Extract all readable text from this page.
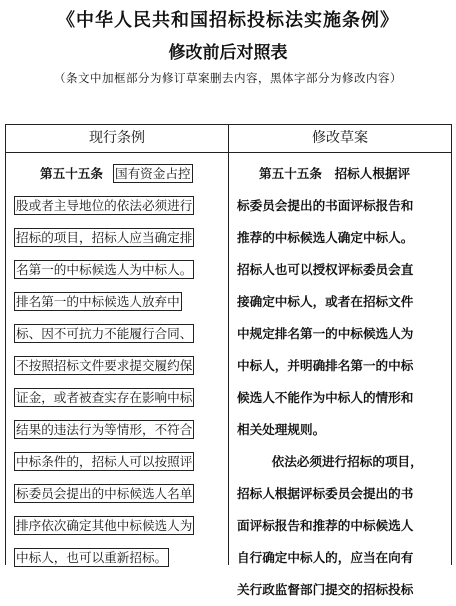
《中华人民共和国招标投标法实施条例》
修改前后对照表
（条文中加框部分为修订草案删去内容，黑体字部分为修改内容）
现行条例
第五十五条 国有资金占控
股或者主导地位的依法必须进行
招标的项目，招标人应当确定排
名第一的中标候选人为中标人。
排名第一的中标候选人放弃中
标、因不可抗力不能履行合同、
不按照招标文件要求提交履约保
证金，或者被查实存在影响中标
结果的违法行为等情形，不符合
中标条件的，招标人可以按照评
标委员会提出的中标候选人名单
排序依次确定其他中标候选人为
中标人，也可以重新招标。
修改草案
第五十五条　招标人根据评
标委员会提出的书面评标报告和
推荐的中标候选人确定中标人。
招标人也可以授权评标委员会直
接确定中标人，或者在招标文件
中规定排名第一的中标候选人为
中标人，并明确排名第一的中标
候选人不能作为中标人的情形和
相关处理规则。
　依法必须进行招标的项目，
招标人根据评标委员会提出的书
面评标报告和推荐的中标候选人
自行确定中标人的，应当在向有
关行政监督部门提交的招标投标
